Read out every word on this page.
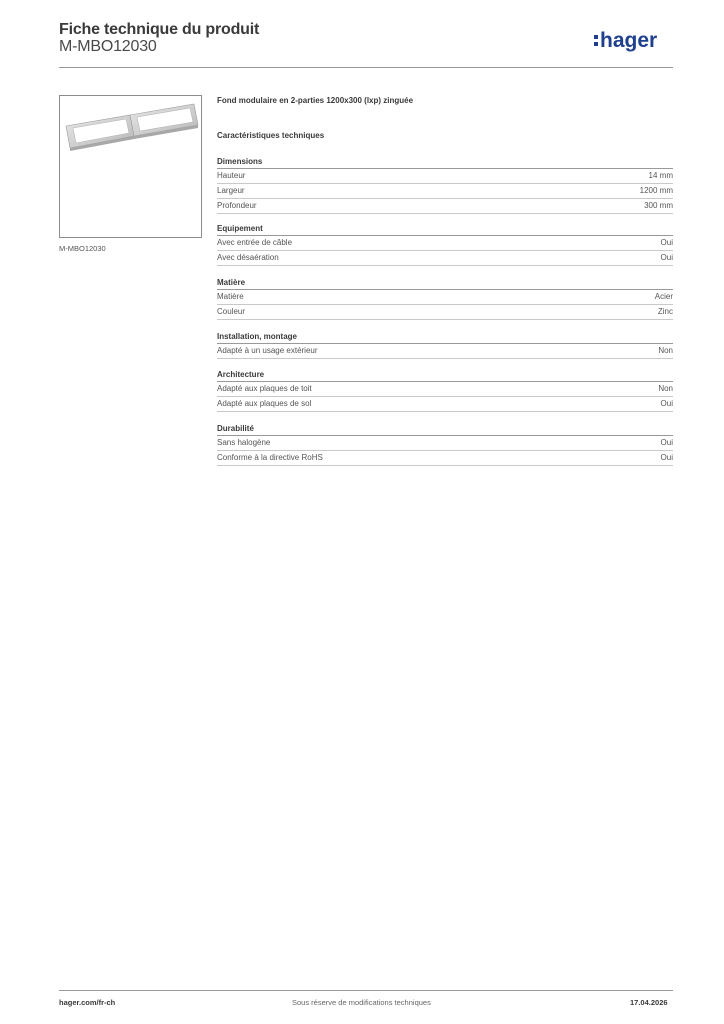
Fiche technique du produit
M-MBO12030	hager
M-MBO12030
Fond modulaire en 2-parties 1200x300 (lxp) zinguée
Caractéristiques techniques
Dimensions
Hauteur	14 mm
Largeur	1200 mm
Profondeur	300 mm
Equipement
Avec entrée de câble	Oui
Avec désaération	Oui
Matière
Matière	Acier
Couleur	Zinc
Installation, montage
Adapté à un usage extérieur	Non
Architecture
Adapté aux plaques de toit	Non
Adapté aux plaques de sol	Oui
Durabilité
Sans halogène	Oui
Conforme à la directive RoHS	Oui
hager.com/fr-ch	Sous réserve de modifications techniques	17.04.2026
